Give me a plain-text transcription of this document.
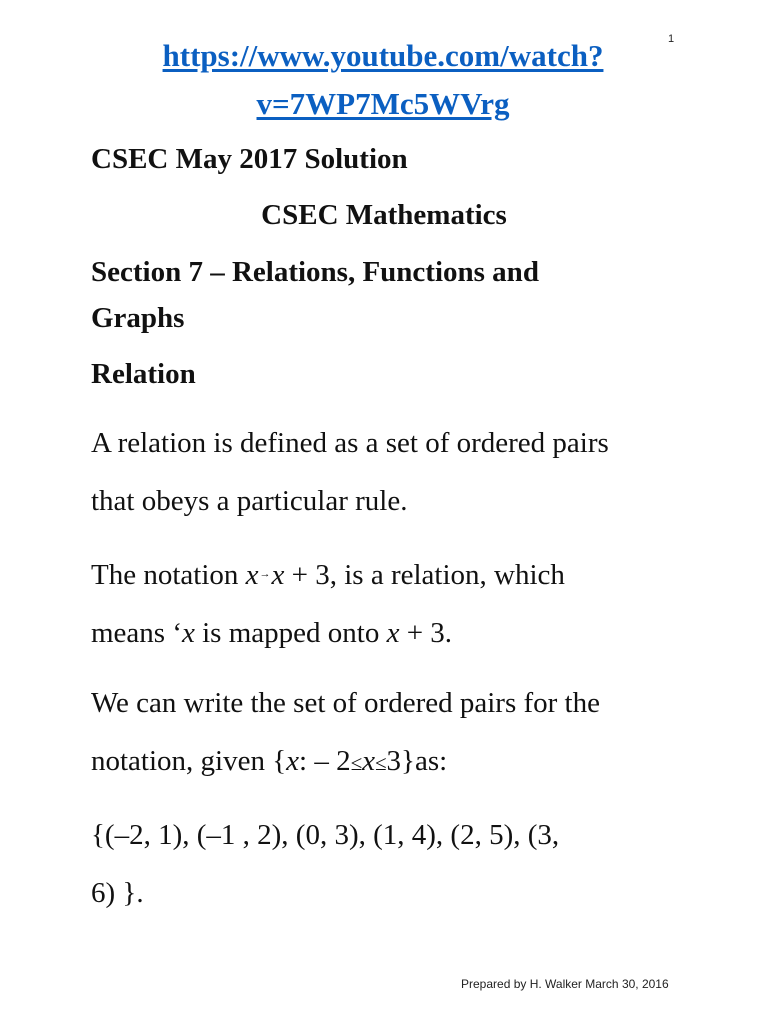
1
https://www.youtube.com/watch?
v=7WP7Mc5WVrg
CSEC May 2017 Solution
CSEC Mathematics
Section 7 – Relations, Functions and
Graphs
Relation
A relation is defined as a set of ordered pairs
that obeys a particular rule.
The notation x→x + 3, is a relation, which
means ‘x is mapped onto x + 3.
We can write the set of ordered pairs for the
notation, given {x: – 2≤x≤3}as:
{(–2, 1), (–1 , 2), (0, 3), (1, 4), (2, 5), (3,
6) }.
Prepared by H. Walker March 30, 2016
